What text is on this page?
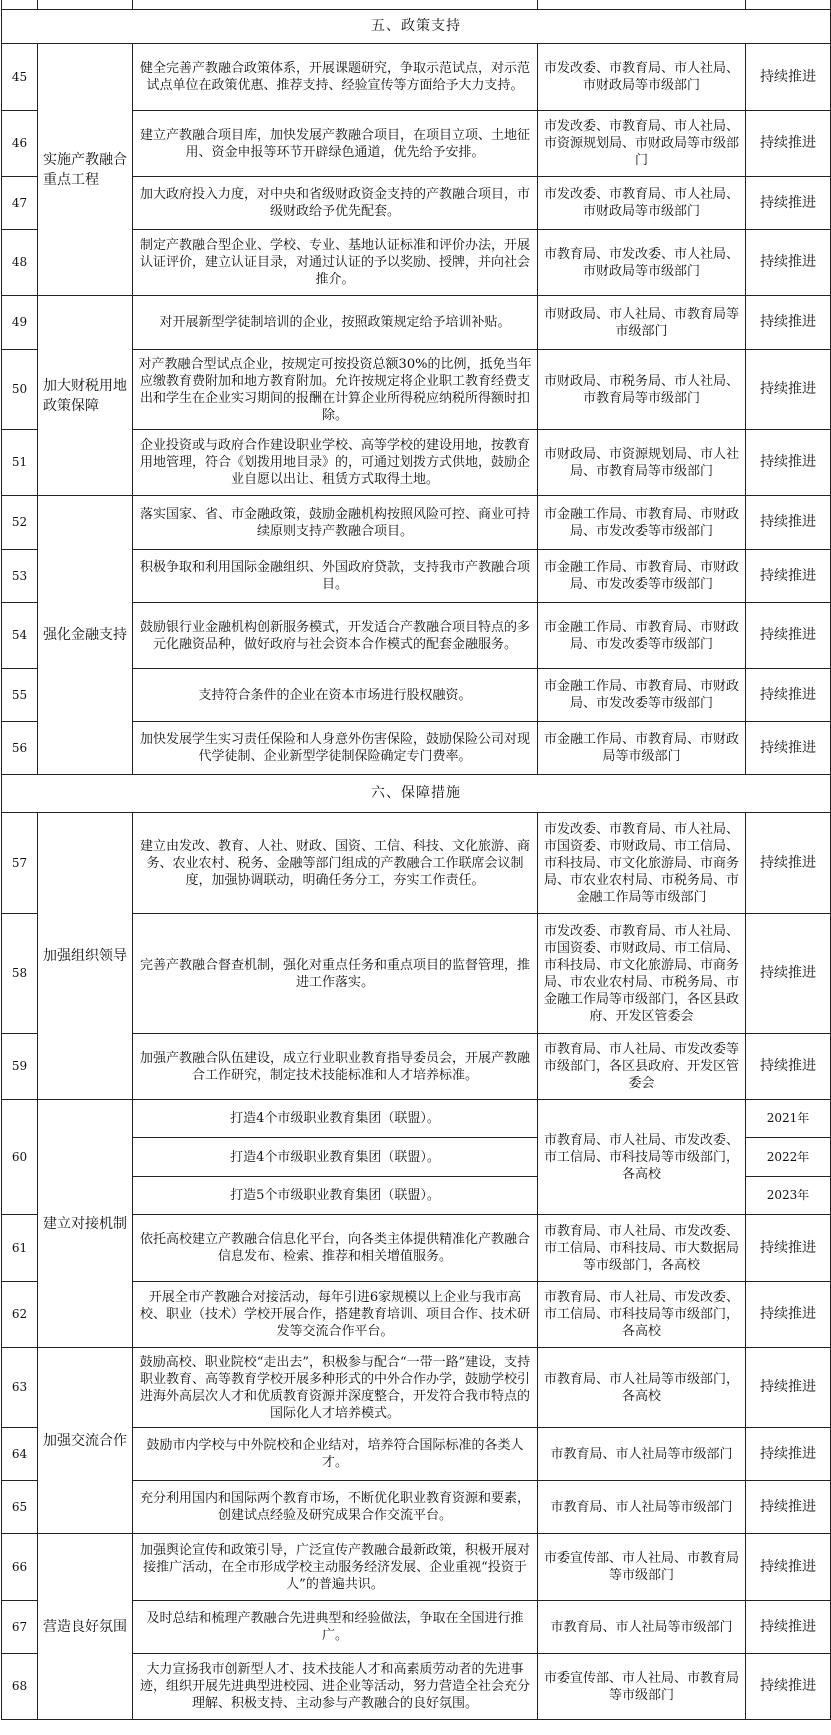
五、政策支持				
45	实施产教融合重点工程	健全完善产教融合政策体系，开展课题研究，争取示范试点，对示范试点单位在政策优惠、推荐支持、经验宣传等方面给予大力支持。	市发改委、市教育局、市人社局、市财政局等市级部门	持续推进
46		建立产教融合项目库，加快发展产教融合项目，在项目立项、土地征用、资金申报等环节开辟绿色通道，优先给予安排。	市发改委、市教育局、市人社局、市资源规划局、市财政局等市级部门	持续推进
47		加大政府投入力度，对中央和省级财政资金支持的产教融合项目，市级财政给予优先配套。	市发改委、市教育局、市人社局、市财政局等市级部门	持续推进
48		制定产教融合型企业、学校、专业、基地认证标准和评价办法，开展认证评价，建立认证目录，对通过认证的予以奖励、授牌，并向社会推介。	市教育局、市发改委、市人社局、市财政局等市级部门	持续推进
49	加大财税用地政策保障	对开展新型学徒制培训的企业，按照政策规定给予培训补贴。	市财政局、市人社局、市教育局等市级部门	持续推进
50		对产教融合型试点企业，按规定可按投资总额30%的比例，抵免当年应缴教育费附加和地方教育附加。允许按规定将企业职工教育经费支出和学生在企业实习期间的报酬在计算企业所得税应纳税所得额时扣除。	市财政局、市税务局、市人社局、市教育局等市级部门	持续推进
51		企业投资或与政府合作建设职业学校、高等学校的建设用地，按教育用地管理，符合《划拨用地目录》的，可通过划拨方式供地，鼓励企业自愿以出让、租赁方式取得土地。	市财政局、市资源规划局、市人社局、市教育局等市级部门	持续推进
52	强化金融支持	落实国家、省、市金融政策，鼓励金融机构按照风险可控、商业可持续原则支持产教融合项目。	市金融工作局、市教育局、市财政局、市发改委等市级部门	持续推进
53		积极争取和利用国际金融组织、外国政府贷款，支持我市产教融合项目。	市金融工作局、市教育局、市财政局、市发改委等市级部门	持续推进
54		鼓励银行业金融机构创新服务模式，开发适合产教融合项目特点的多元化融资品种，做好政府与社会资本合作模式的配套金融服务。	市金融工作局、市教育局、市财政局、市发改委等市级部门	持续推进
55		支持符合条件的企业在资本市场进行股权融资。	市金融工作局、市教育局、市财政局、市发改委等市级部门	持续推进
56		加快发展学生实习责任保险和人身意外伤害保险，鼓励保险公司对现代学徒制、企业新型学徒制保险确定专门费率。	市金融工作局、市教育局、市财政局等市级部门	持续推进
六、保障措施				
57	加强组织领导	建立由发改、教育、人社、财政、国资、工信、科技、文化旅游、商务、农业农村、税务、金融等部门组成的产教融合工作联席会议制度，加强协调联动，明确任务分工，夯实工作责任。	市发改委、市教育局、市人社局、市国资委、市财政局、市工信局、市科技局、市文化旅游局、市商务局、市农业农村局、市税务局、市金融工作局等市级部门	持续推进
58		完善产教融合督查机制，强化对重点任务和重点项目的监督管理，推进工作落实。	市发改委、市教育局、市人社局、市国资委、市财政局、市工信局、市科技局、市文化旅游局、市商务局、市农业农村局、市税务局、市金融工作局等市级部门，各区县政府、开发区管委会	持续推进
59		加强产教融合队伍建设，成立行业职业教育指导委员会，开展产教融合工作研究，制定技术技能标准和人才培养标准。	市教育局、市人社局、市发改委等市级部门，各区县政府、开发区管委会	持续推进
60	建立对接机制	打造4个市级职业教育集团（联盟）。	市教育局、市人社局、市发改委、市工信局、市科技局等市级部门，各高校	2021年
		打造4个市级职业教育集团（联盟）。		2022年
		打造5个市级职业教育集团（联盟）。		2023年
61		依托高校建立产教融合信息化平台，向各类主体提供精准化产教融合信息发布、检索、推荐和相关增值服务。	市教育局、市人社局、市发改委、市工信局、市科技局、市大数据局等市级部门，各高校	持续推进
62		开展全市产教融合对接活动，每年引进6家规模以上企业与我市高校、职业（技术）学校开展合作，搭建教育培训、项目合作、技术研发等交流合作平台。	市教育局、市人社局、市发改委、市工信局、市科技局等市级部门，各高校	持续推进
63	加强交流合作	鼓励高校、职业院校“走出去”，积极参与配合“一带一路”建设，支持职业教育、高等教育学校开展多种形式的中外合作办学，鼓励学校引进海外高层次人才和优质教育资源并深度整合，开发符合我市特点的国际化人才培养模式。	市教育局、市人社局等市级部门，各高校	持续推进
64		鼓励市内学校与中外院校和企业结对，培养符合国际标准的各类人才。	市教育局、市人社局等市级部门	持续推进
65		充分利用国内和国际两个教育市场，不断优化职业教育资源和要素，创建试点经验及研究成果合作交流平台。	市教育局、市人社局等市级部门	持续推进
66	营造良好氛围	加强舆论宣传和政策引导，广泛宣传产教融合最新政策，积极开展对接推广活动，在全市形成学校主动服务经济发展、企业重视“投资于人”的普遍共识。	市委宣传部、市人社局、市教育局等市级部门	持续推进
67		及时总结和梳理产教融合先进典型和经验做法，争取在全国进行推广。	市教育局、市人社局等市级部门	持续推进
68		大力宣扬我市创新型人才、技术技能人才和高素质劳动者的先进事迹，组织开展先进典型进校园、进企业等活动，努力营造全社会充分理解、积极支持、主动参与产教融合的良好氛围。	市委宣传部、市人社局、市教育局等市级部门	持续推进
